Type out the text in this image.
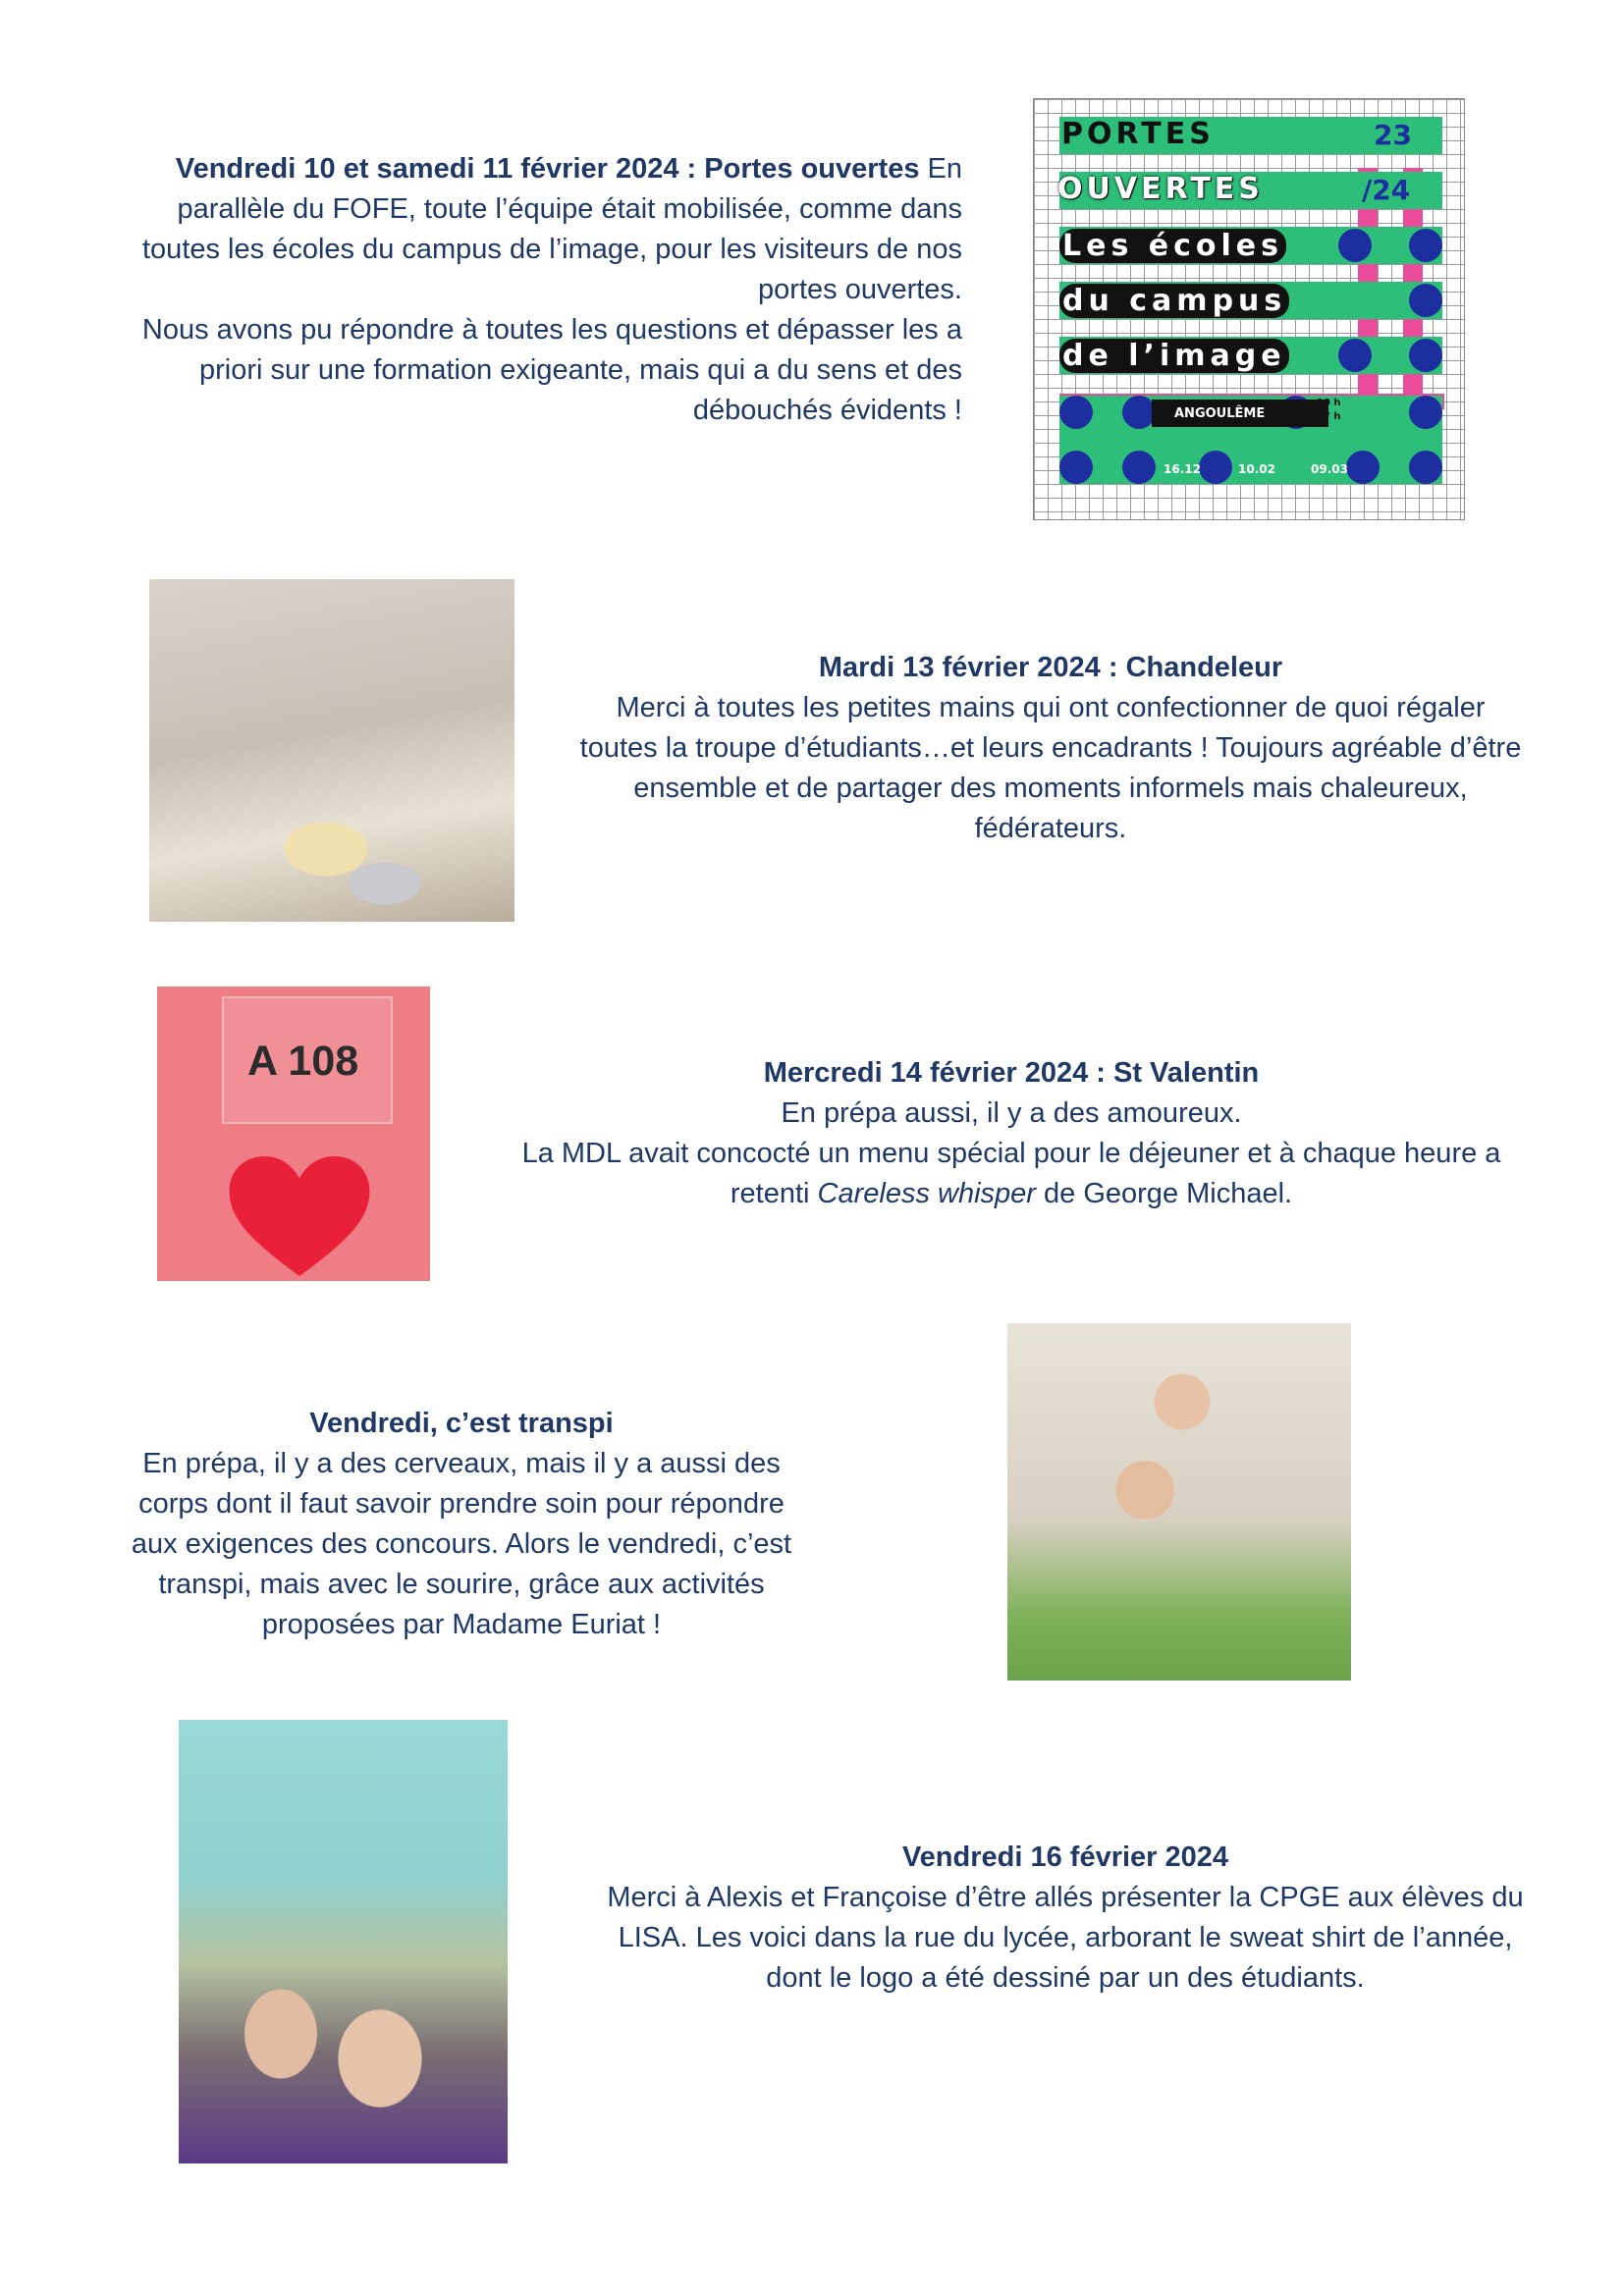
Vendredi 10 et samedi 11 février 2024 : Portes ouvertes En parallèle du FOFE, toute l’équipe était mobilisée, comme dans toutes les écoles du campus de l’image, pour les visiteurs de nos portes ouvertes.
Nous avons pu répondre à toutes les questions et dépasser les a priori sur une formation exigeante, mais qui a du sens et des débouchés évidents !
PORTES	23
OUVERTES	/24
Les écoles
du campus
de l’image
ANGOULÊME
10 h
17 h
16.12	10.02	09.03
Mardi 13 février 2024 : Chandeleur
Merci à toutes les petites mains qui ont confectionner de quoi régaler toutes la troupe d’étudiants…et leurs encadrants ! Toujours agréable d’être ensemble et de partager des moments informels mais chaleureux, fédérateurs.
A 108	Mercredi 14 février 2024 : St Valentin
En prépa aussi, il y a des amoureux.
La MDL avait concocté un menu spécial pour le déjeuner et à chaque heure a retenti Careless whisper de George Michael.
Vendredi, c’est transpi
En prépa, il y a des cerveaux, mais il y a aussi des corps dont il faut savoir prendre soin pour répondre aux exigences des concours. Alors le vendredi, c’est transpi, mais avec le sourire, grâce aux activités proposées par Madame Euriat !
Vendredi 16 février 2024
Merci à Alexis et Françoise d’être allés présenter la CPGE aux élèves du LISA. Les voici dans la rue du lycée, arborant le sweat shirt de l’année, dont le logo a été dessiné par un des étudiants.
